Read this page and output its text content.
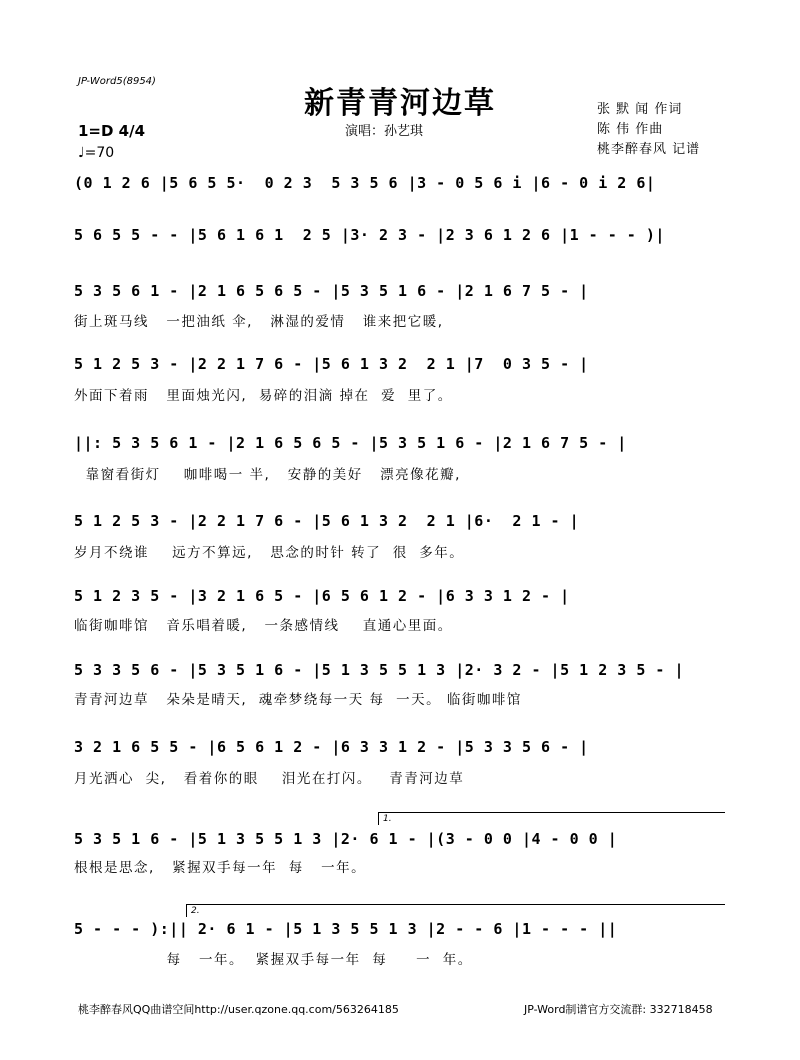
JP-Word5(8954)
新青青河边草
演唱：孙艺琪
张 默 闻 作词
陈 伟 作曲
桃李醉春风 记谱
1=D 4/4
♩=70
(0 1 2 6 |5 6 5 5·  0 2 3  5 3 5 6 |3 - 0 5 6 i |6 - 0 i 2 6|
5 6 5 5 - - |5 6 1 6 1  2 5 |3· 2 3 - |2 3 6 1 2 6 |1 - - - )|
5 3 5 6 1 - |2 1 6 5 6 5 - |5 3 5 1 6 - |2 1 6 7 5 - |
街上斑马线   一把油纸 伞,   淋湿的爱情   谁来把它暖,
5 1 2 5 3 - |2 2 1 7 6 - |5 6 1 3 2  2 1 |7  0 3 5 - |
外面下着雨   里面烛光闪,  易碎的泪滴 掉在  爱  里了。
||: 5 3 5 6 1 - |2 1 6 5 6 5 - |5 3 5 1 6 - |2 1 6 7 5 - |
靠窗看街灯    咖啡喝一 半,   安静的美好   漂亮像花瓣,
5 1 2 5 3 - |2 2 1 7 6 - |5 6 1 3 2  2 1 |6·  2 1 - |
岁月不绕谁    远方不算远,   思念的时针 转了  很  多年。
5 1 2 3 5 - |3 2 1 6 5 - |6 5 6 1 2 - |6 3 3 1 2 - |
临街咖啡馆   音乐唱着暖,   一条感情线    直通心里面。
5 3 3 5 6 - |5 3 5 1 6 - |5 1 3 5 5 1 3 |2· 3 2 - |5 1 2 3 5 - |
青青河边草   朵朵是晴天,  魂牵梦绕每一天 每  一天。 临街咖啡馆
3 2 1 6 5 5 - |6 5 6 1 2 - |6 3 3 1 2 - |5 3 3 5 6 - |
月光洒心  尖,   看着你的眼    泪光在打闪。   青青河边草
5 3 5 1 6 - |5 1 3 5 5 1 3 |2· 6 1 - |(3 - 0 0 |4 - 0 0 |
根根是思念,   紧握双手每一年  每   一年。
5 - - - ):|| 2· 6 1 - |5 1 3 5 5 1 3 |2 - - 6 |1 - - - ||
每   一年。  紧握双手每一年  每     一  年。
1.
2.
桃李醉春风QQ曲谱空间http://user.qzone.qq.com/563264185	JP-Word制谱官方交流群: 332718458
